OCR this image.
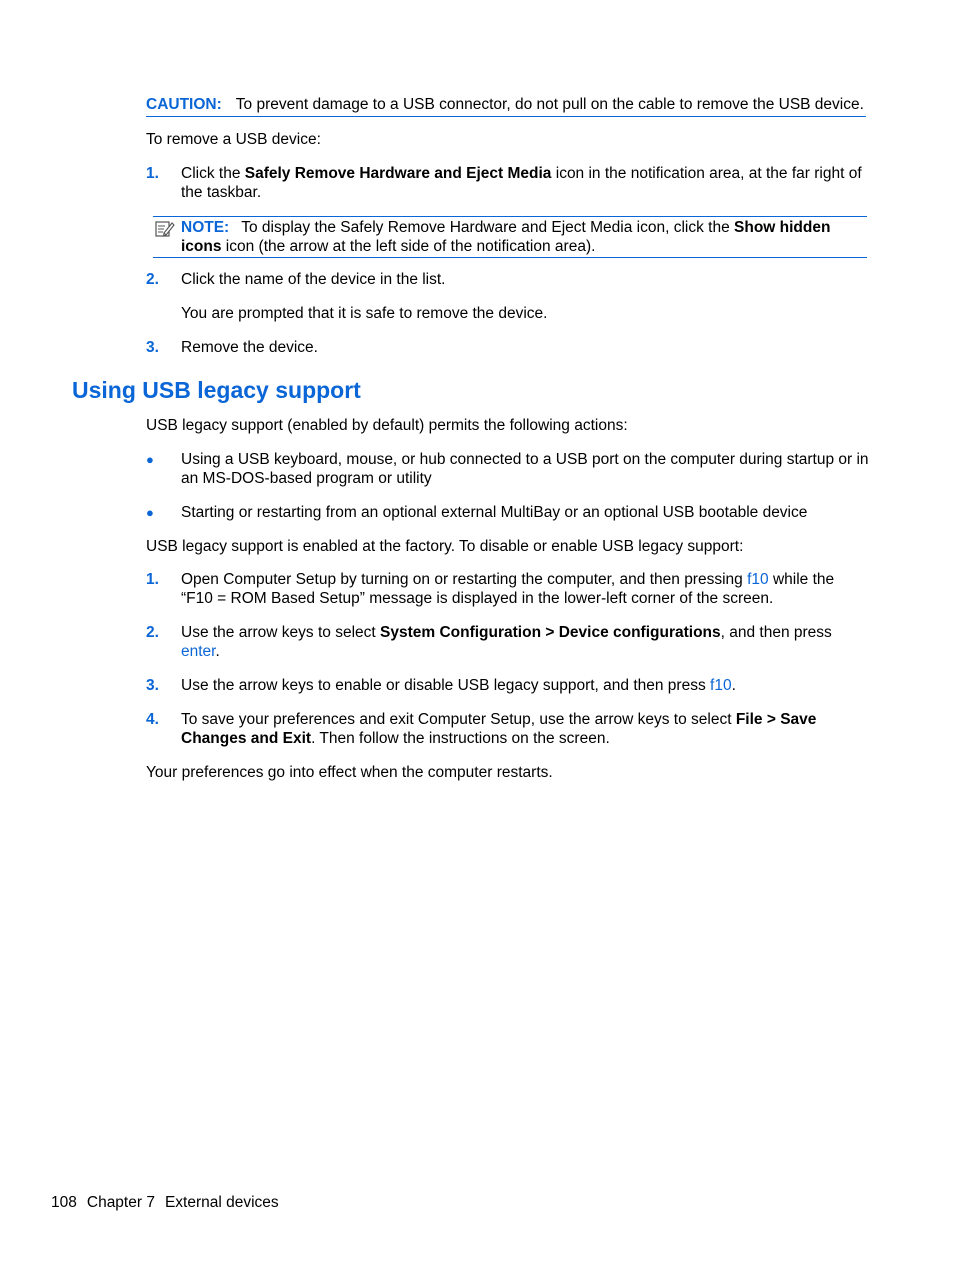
CAUTION: To prevent damage to a USB connector, do not pull on the cable to remove the USB device.
To remove a USB device:
1. Click the Safely Remove Hardware and Eject Media icon in the notification area, at the far right of the taskbar.
NOTE: To display the Safely Remove Hardware and Eject Media icon, click the Show hidden icons icon (the arrow at the left side of the notification area).
2. Click the name of the device in the list.
You are prompted that it is safe to remove the device.
3. Remove the device.
Using USB legacy support
USB legacy support (enabled by default) permits the following actions:
● Using a USB keyboard, mouse, or hub connected to a USB port on the computer during startup or in an MS-DOS-based program or utility
● Starting or restarting from an optional external MultiBay or an optional USB bootable device
USB legacy support is enabled at the factory. To disable or enable USB legacy support:
1. Open Computer Setup by turning on or restarting the computer, and then pressing f10 while the “F10 = ROM Based Setup” message is displayed in the lower-left corner of the screen.
2. Use the arrow keys to select System Configuration > Device configurations, and then press enter.
3. Use the arrow keys to enable or disable USB legacy support, and then press f10.
4. To save your preferences and exit Computer Setup, use the arrow keys to select File > Save Changes and Exit. Then follow the instructions on the screen.
Your preferences go into effect when the computer restarts.
108 Chapter 7 External devices
